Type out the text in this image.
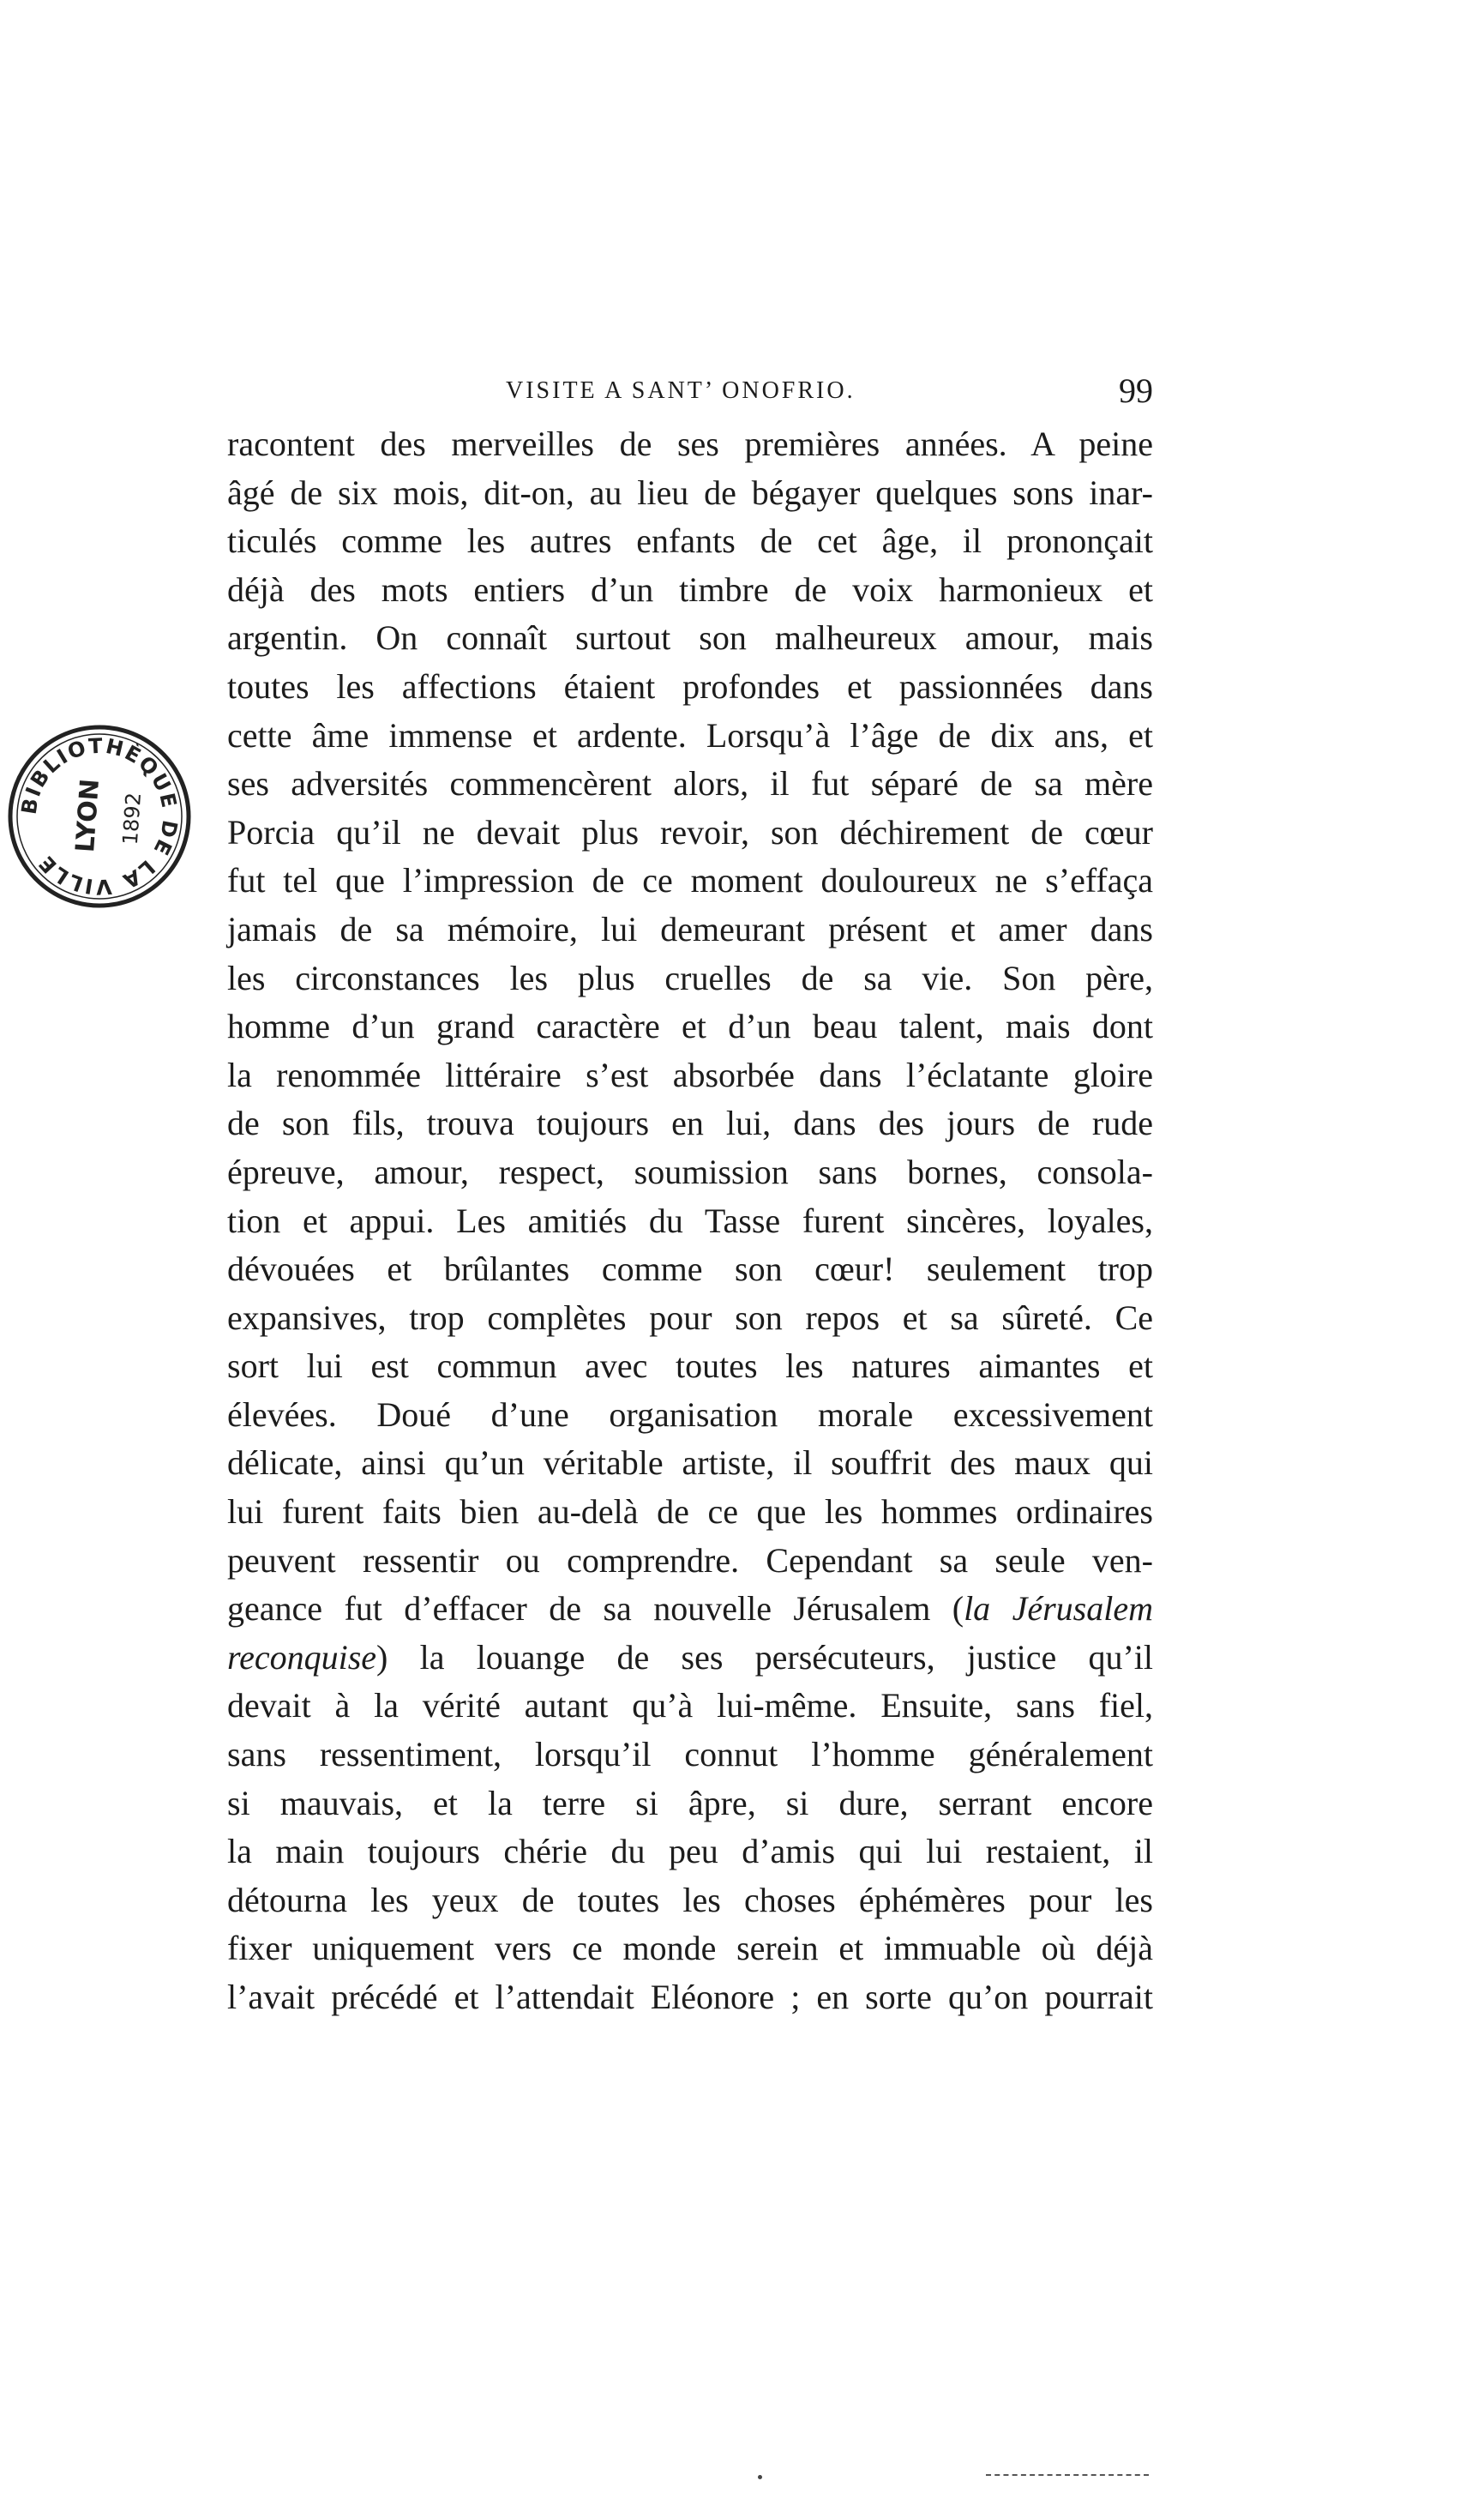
VISITE A SANT’ ONOFRIO.	99
BIBLIOTHÈQUE DE LA VILLE
LYON 1892
racontent des merveilles de ses premières années. A peine
âgé de six mois, dit-on, au lieu de bégayer quelques sons inar-
ticulés comme les autres enfants de cet âge, il prononçait
déjà des mots entiers d’un timbre de voix harmonieux et
argentin. On connaît surtout son malheureux amour, mais
toutes les affections étaient profondes et passionnées dans
cette âme immense et ardente. Lorsqu’à l’âge de dix ans, et
ses adversités commencèrent alors, il fut séparé de sa mère
Porcia qu’il ne devait plus revoir, son déchirement de cœur
fut tel que l’impression de ce moment douloureux ne s’effaça
jamais de sa mémoire, lui demeurant présent et amer dans
les circonstances les plus cruelles de sa vie. Son père,
homme d’un grand caractère et d’un beau talent, mais dont
la renommée littéraire s’est absorbée dans l’éclatante gloire
de son fils, trouva toujours en lui, dans des jours de rude
épreuve, amour, respect, soumission sans bornes, consola-
tion et appui. Les amitiés du Tasse furent sincères, loyales,
dévouées et brûlantes comme son cœur! seulement trop
expansives, trop complètes pour son repos et sa sûreté. Ce
sort lui est commun avec toutes les natures aimantes et
élevées. Doué d’une organisation morale excessivement
délicate, ainsi qu’un véritable artiste, il souffrit des maux qui
lui furent faits bien au-delà de ce que les hommes ordinaires
peuvent ressentir ou comprendre. Cependant sa seule ven-
geance fut d’effacer de sa nouvelle Jérusalem (la Jérusalem
reconquise) la louange de ses persécuteurs, justice qu’il
devait à la vérité autant qu’à lui-même. Ensuite, sans fiel,
sans ressentiment, lorsqu’il connut l’homme généralement
si mauvais, et la terre si âpre, si dure, serrant encore
la main toujours chérie du peu d’amis qui lui restaient, il
détourna les yeux de toutes les choses éphémères pour les
fixer uniquement vers ce monde serein et immuable où déjà
l’avait précédé et l’attendait Eléonore ; en sorte qu’on pourrait
